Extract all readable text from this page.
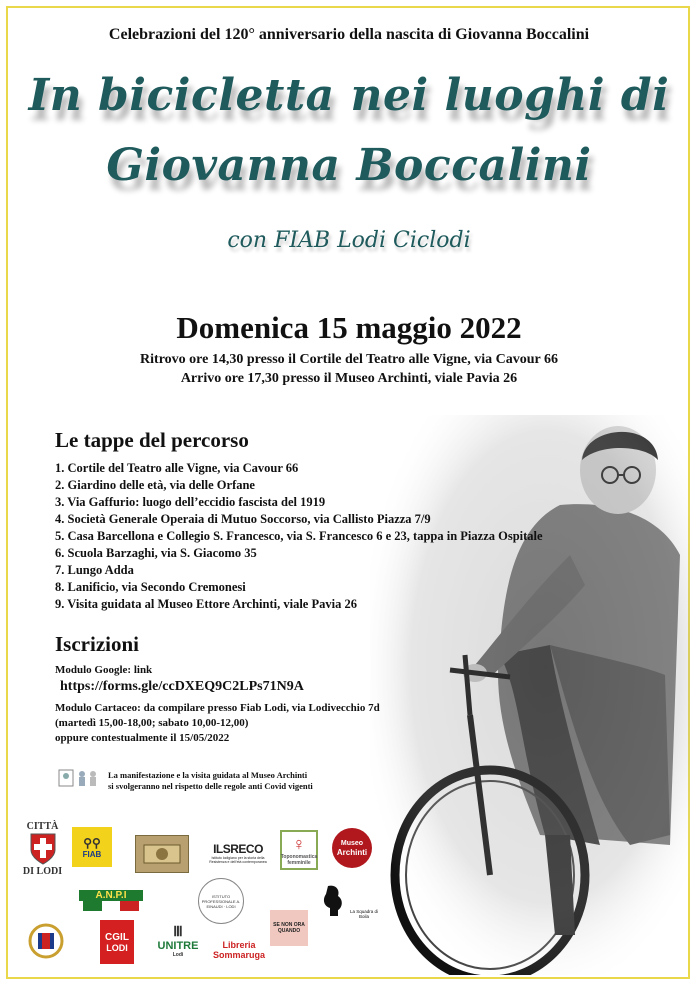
Celebrazioni del 120° anniversario della nascita di Giovanna Boccalini
In bicicletta nei luoghi di
Giovanna Boccalini
con FIAB Lodi Ciclodi
Domenica 15 maggio 2022
Ritrovo ore 14,30 presso il Cortile del Teatro alle Vigne, via Cavour 66
Arrivo ore 17,30 presso il Museo Archinti, viale Pavia 26
Le tappe del percorso
1. Cortile del Teatro alle Vigne, via Cavour 66
2. Giardino delle età, via delle Orfane
3. Via Gaffurio: luogo dell’eccidio fascista del 1919
4. Società Generale Operaia di Mutuo Soccorso, via Callisto Piazza 7/9
5. Casa Barcellona e Collegio S. Francesco, via S. Francesco 6 e 23, tappa in Piazza Ospitale
6. Scuola Barzaghi, via S. Giacomo 35
7. Lungo Adda
8. Lanificio, via Secondo Cremonesi
9. Visita guidata al Museo Ettore Archinti, viale Pavia 26
Iscrizioni
Modulo Google: link
https://forms.gle/ccDXEQ9C2LPs71N9A
Modulo Cartaceo: da compilare presso Fiab Lodi, via Lodivecchio 7d
(martedì 15,00-18,00; sabato 10,00-12,00)
oppure contestualmente il 15/05/2022
La manifestazione e la visita guidata al Museo Archinti
si svolgeranno nel rispetto delle regole anti Covid vigenti
CITTÀ
DI LODI
⚲⚲
FIAB	ILSRECO
Istituto lodigiano per la storia della Resistenza e dell'età contemporanea
♀
Toponomastica femminile
Museo
Archinti
A.N.P.I	ISTITUTO PROFESSIONALE A. EINAUDI · LODI
La Squadra di Boila
CGIL
LODI
Ⅲ
UNITRE
Lodi
Libreria
Sommaruga
SE NON ORA QUANDO
